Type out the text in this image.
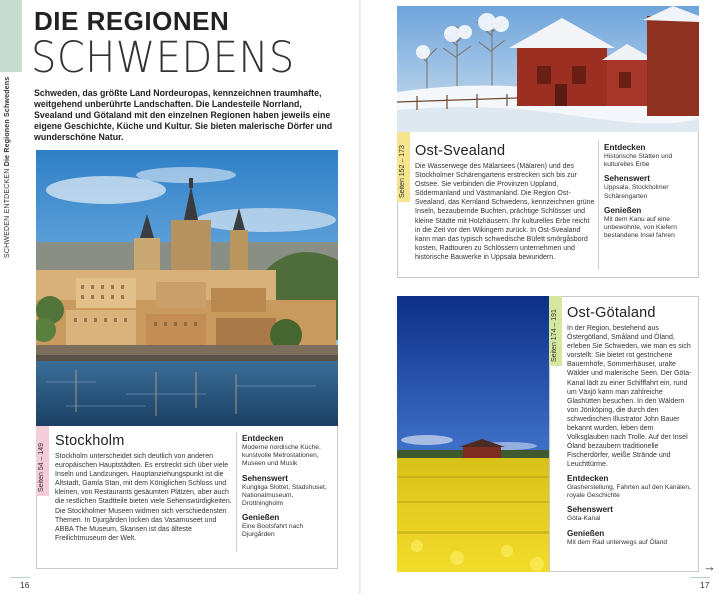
SCHWEDEN ENTDECKEN Die Regionen Schwedens
DIE REGIONEN
SCHWEDENS
Schweden, das größte Land Nordeuropas, kennzeichnen traumhafte, weitgehend unberührte Landschaften. Die Landesteile Norrland, Svealand und Götaland mit den einzelnen Regionen haben jeweils eine eigene Geschichte, Küche und Kultur. Sie bieten malerische Dörfer und wunderschöne Natur.
16
Seiten 54 – 149
Stockholm
Stockholm unterscheidet sich deutlich von anderen europäischen Hauptstädten. Es erstreckt sich über viele Inseln und Landzungen. Hauptanziehungspunkt ist die Altstadt, Gamla Stan, mit dem Königlichen Schloss und kleinen, von Restaurants gesäumten Plätzen, aber auch die restlichen Stadtteile bieten viele Sehenswürdigkeiten. Die Stockholmer Museen widmen sich verschiedensten Themen. In Djurgården locken das Vasamuseet und ABBA The Museum, Skansen ist das älteste Freilichtmuseum der Welt.
Entdecken
Moderne nordische Küche, kunstvolle Metrostationen, Museen und Musik
Sehenswert
Kungliga Slottet, Stadshuset, Nationalmuseum, Drottningholm
Genießen
Eine Bootsfahrt nach Djurgården
Seiten 152 – 173 Ost-Svealand
Die Wasserwege des Mälarsees (Mälaren) und des Stockholmer Schärengartens erstrecken sich bis zur Ostsee. Sie verbinden die Provinzen Uppland, Södermanland und Västmanland. Die Region Ost-Svealand, das Kernland Schwedens, kennzeichnen grüne Inseln, bezaubernde Buchten, prächtige Schlösser und kleine Städte mit Holzhäusern. Ihr kulturelles Erbe reicht in die Zeit vor den Wikingern zurück. In Ost-Svealand kann man das typisch schwedische Büfett smörgåsbord kosten, Radtouren zu Schlössern unternehmen und historische Bauwerke in Uppsala bewundern.
Entdecken
Historische Stätten und kulturelles Erbe
Sehenswert
Uppsala, Stockholmer Schärengarten
Genießen
Mit dem Kanu auf eine unbewohnte, von Kiefern bestandene Insel fahren
Seiten 174 – 191 Ost-Götaland
In der Region, bestehend aus Östergötland, Småland und Öland, erleben Sie Schweden, wie man es sich vorstellt: Sie bietet rot gestrichene Bauernhöfe, Sommerhäuser, uralte Wälder und malerische Seen. Der Göta-Kanal lädt zu einer Schifffahrt ein, rund um Växjö kann man zahlreiche Glashütten besuchen. In den Wäldern von Jönköping, die durch den schwedischen Illustrator John Bauer bekannt wurden, leben dem Volksglauben nach Trolle. Auf der Insel Öland bezaubern traditionelle Fischerdörfer, weiße Strände und Leuchttürme.
Entdecken
Glasherstellung, Fahrten auf den Kanälen, royale Geschichte
Sehenswert
Göta-Kanal
Genießen
Mit dem Rad unterwegs auf Öland
→
17
